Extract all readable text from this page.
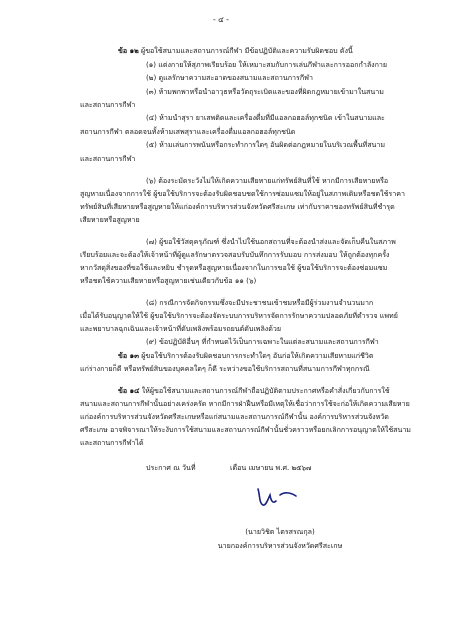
- ๔ -
ข้อ ๑๒ ผู้ขอใช้สนามและสถานการณ์กีฬา มีข้อปฏิบัติและความรับผิดชอบ ดังนี้
(๑) แต่งกายให้สุภาพเรียบร้อย ให้เหมาะสมกับการเล่นกีฬาและการออกกำลังกาย
(๒) ดูแลรักษาความสะอาดของสนามและสถานการกีฬา
(๓) ห้ามพกพาหรือนำอาวุธหรือวัตถุระเบิดและของที่ผิดกฎหมายเข้ามาในสนาม
และสถานการกีฬา
(๔) ห้ามนำสุรา ยาเสพติดและเครื่องดื่มที่มีแอลกอฮอล์ทุกชนิด เข้าในสนามและ
สถานการกีฬา ตลอดจนทั้งห้ามเสพสุราและเครื่องดื่มแอลกอฮอล์ทุกชนิด
(๕) ห้ามเล่นการพนันหรือกระทำการใดๆ อันผิดต่อกฎหมายในบริเวณพื้นที่สนาม
และสถานการกีฬา
(๖) ต้องระมัดระวังไม่ให้เกิดความเสียหายแก่ทรัพย์สินที่ใช้ หากมีการเสียหายหรือ
สูญหายเนื่องจากการใช้ ผู้ขอใช้บริการจะต้องรับผิดชอบชดใช้การซ่อมแซมให้อยู่ในสภาพเดิมหรือชดใช้ราคา
ทรัพย์สินที่เสียหายหรือสูญหายให้แก่องค์การบริหารส่วนจังหวัดศรีสะเกษ เท่ากับราคาของทรัพย์สินที่ชำรุด
เสียหายหรือสูญหาย
(๗) ผู้ขอใช้วัสดุครุภัณฑ์ ซึ่งนำไปใช้นอกสถานที่จะต้องนำส่งและจัดเก็บคืนในสภาพ
เรียบร้อยและจะต้องให้เจ้าหน้าที่ผู้ดูแลรักษาตรวจสอบรับบันทึกการรับมอบ การส่งมอบ ให้ถูกต้องทุกครั้ง
หากวัสดุสิ่งของที่ขอใช้และหยิบ ชำรุดหรือสูญหายเนื่องจากในการขอใช้ ผู้ขอใช้บริการจะต้องซ่อมแซม
หรือชดใช้ความเสียหายหรือสูญหายเช่นเดียวกับข้อ ๑๑ (๖)
(๘) กรณีการจัดกิจกรรมซึ่งจะมีประชาชนเข้าชมหรือมีผู้ร่วมงานจำนวนมาก
เมื่อได้รับอนุญาตให้ใช้ ผู้ขอใช้บริการจะต้องจัดระบบการบริหารจัดการรักษาความปลอดภัยที่ตำรวจ แพทย์
และพยาบาลฉุกเฉินและเจ้าหน้าที่ดับเพลิงพร้อมรถยนต์ดับเพลิงด้วย
(๙) ข้อปฏิบัติอื่นๆ ที่กำหนดไว้เป็นการเฉพาะในแต่ละสนามและสถานการกีฬา
ข้อ ๑๓ ผู้ขอใช้บริการต้องรับผิดชอบการกระทำใดๆ อันก่อให้เกิดความเสียหายแก่ชีวิต
แก่ร่างกายก็ดี หรือทรัพย์สินของบุคคลใดๆ ก็ดี ระหว่างขอใช้บริการสถานที่สนามการกีฬาทุกกรณี
ข้อ ๑๔ ให้ผู้ขอใช้สนามและสถานการณ์กีฬาถือปฏิบัติตามประกาศหรือคำสั่งเกี่ยวกับการใช้
สนามและสถานการกีฬานั้นอย่างเคร่งครัด หากมีการฝ่าฝืนหรือมีเหตุให้เชื่อว่าการใช้จะก่อให้เกิดความเสียหาย
แก่องค์การบริหารส่วนจังหวัดศรีสะเกษหรือแก่สนามและสถานการณ์กีฬานั้น องค์การบริหารส่วนจังหวัด
ศรีสะเกษ อาจพิจารณาให้ระงับการใช้สนามและสถานการณ์กีฬานั้นชั่วคราวหรือยกเลิกการอนุญาตให้ใช้สนาม
และสถานการกีฬาได้
ประกาศ ณ วันที่	เดือน เมษายน พ.ศ. ๒๕๖๗
(นายวิชิต ไตรสรณกุล)
นายกองค์การบริหารส่วนจังหวัดศรีสะเกษ
